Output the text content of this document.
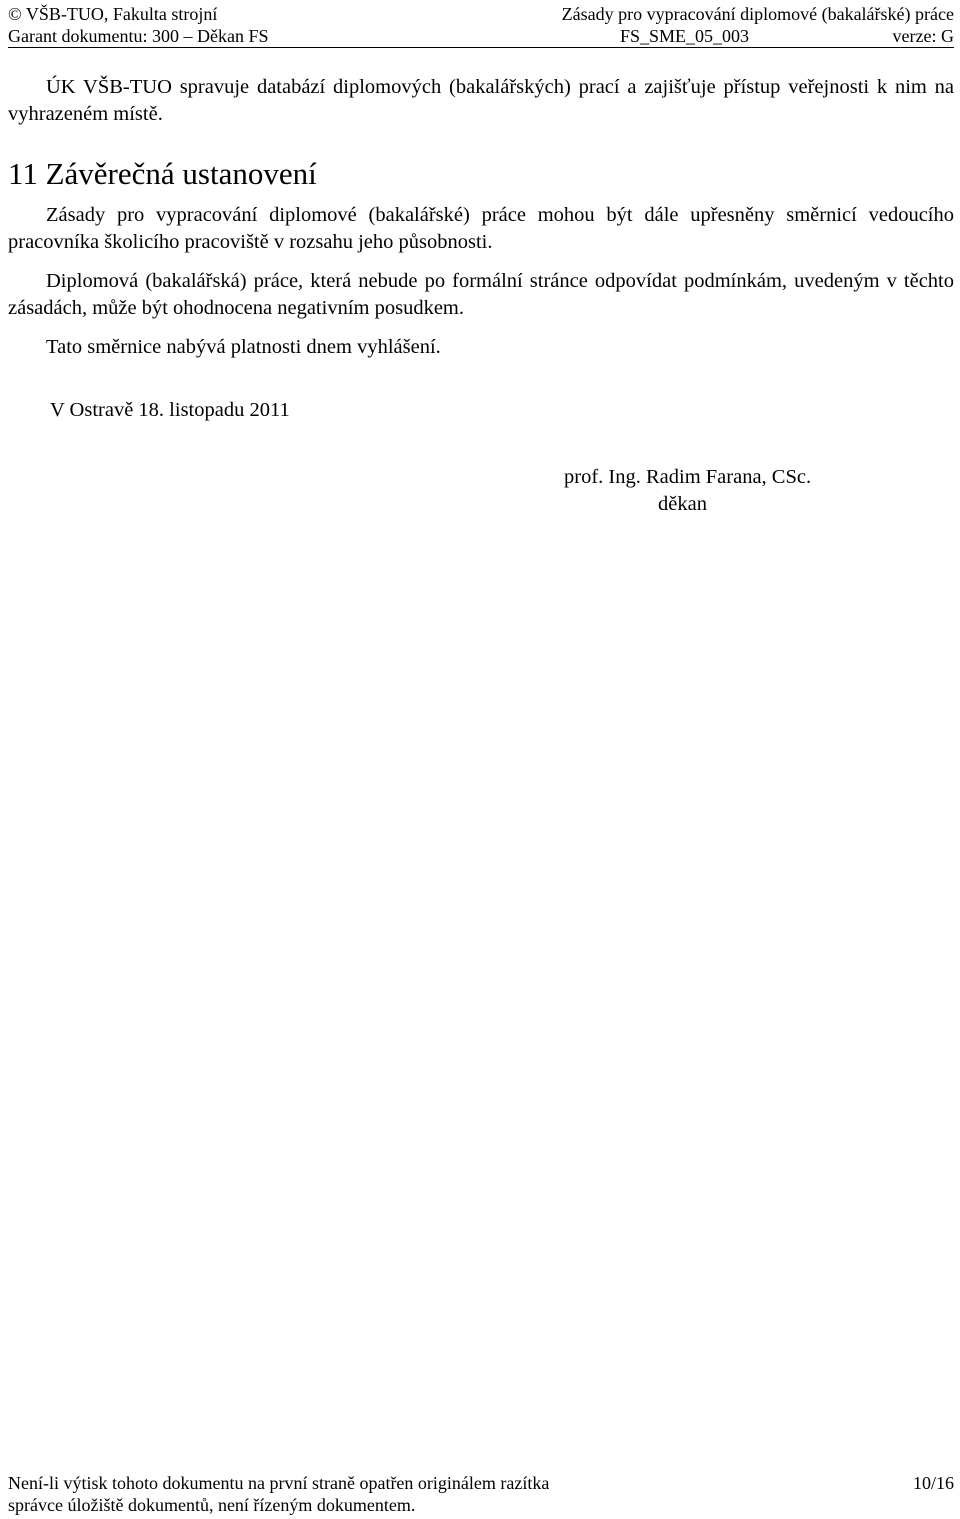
© VŠB-TUO, Fakulta strojní
Garant dokumentu: 300 – Děkan FS
Zásady pro vypracování diplomové (bakalářské) práce
FS_SME_05_003	verze: G

ÚK VŠB-TUO spravuje databází diplomových (bakalářských) prací a zajišťuje přístup veřejnosti k nim na vyhrazeném místě.

11 Závěrečná ustanovení

Zásady pro vypracování diplomové (bakalářské) práce mohou být dále upřesněny směrnicí vedoucího pracovníka školicího pracoviště v rozsahu jeho působnosti.

Diplomová (bakalářská) práce, která nebude po formální stránce odpovídat podmínkám, uvedeným v těchto zásadách, může být ohodnocena negativním posudkem.

Tato směrnice nabývá platnosti dnem vyhlášení.

V Ostravě 18. listopadu 2011

prof. Ing. Radim Farana, CSc.
děkan
Není-li výtisk tohoto dokumentu na první straně opatřen originálem razítka
správce úložiště dokumentů, není řízeným dokumentem.
10/16
